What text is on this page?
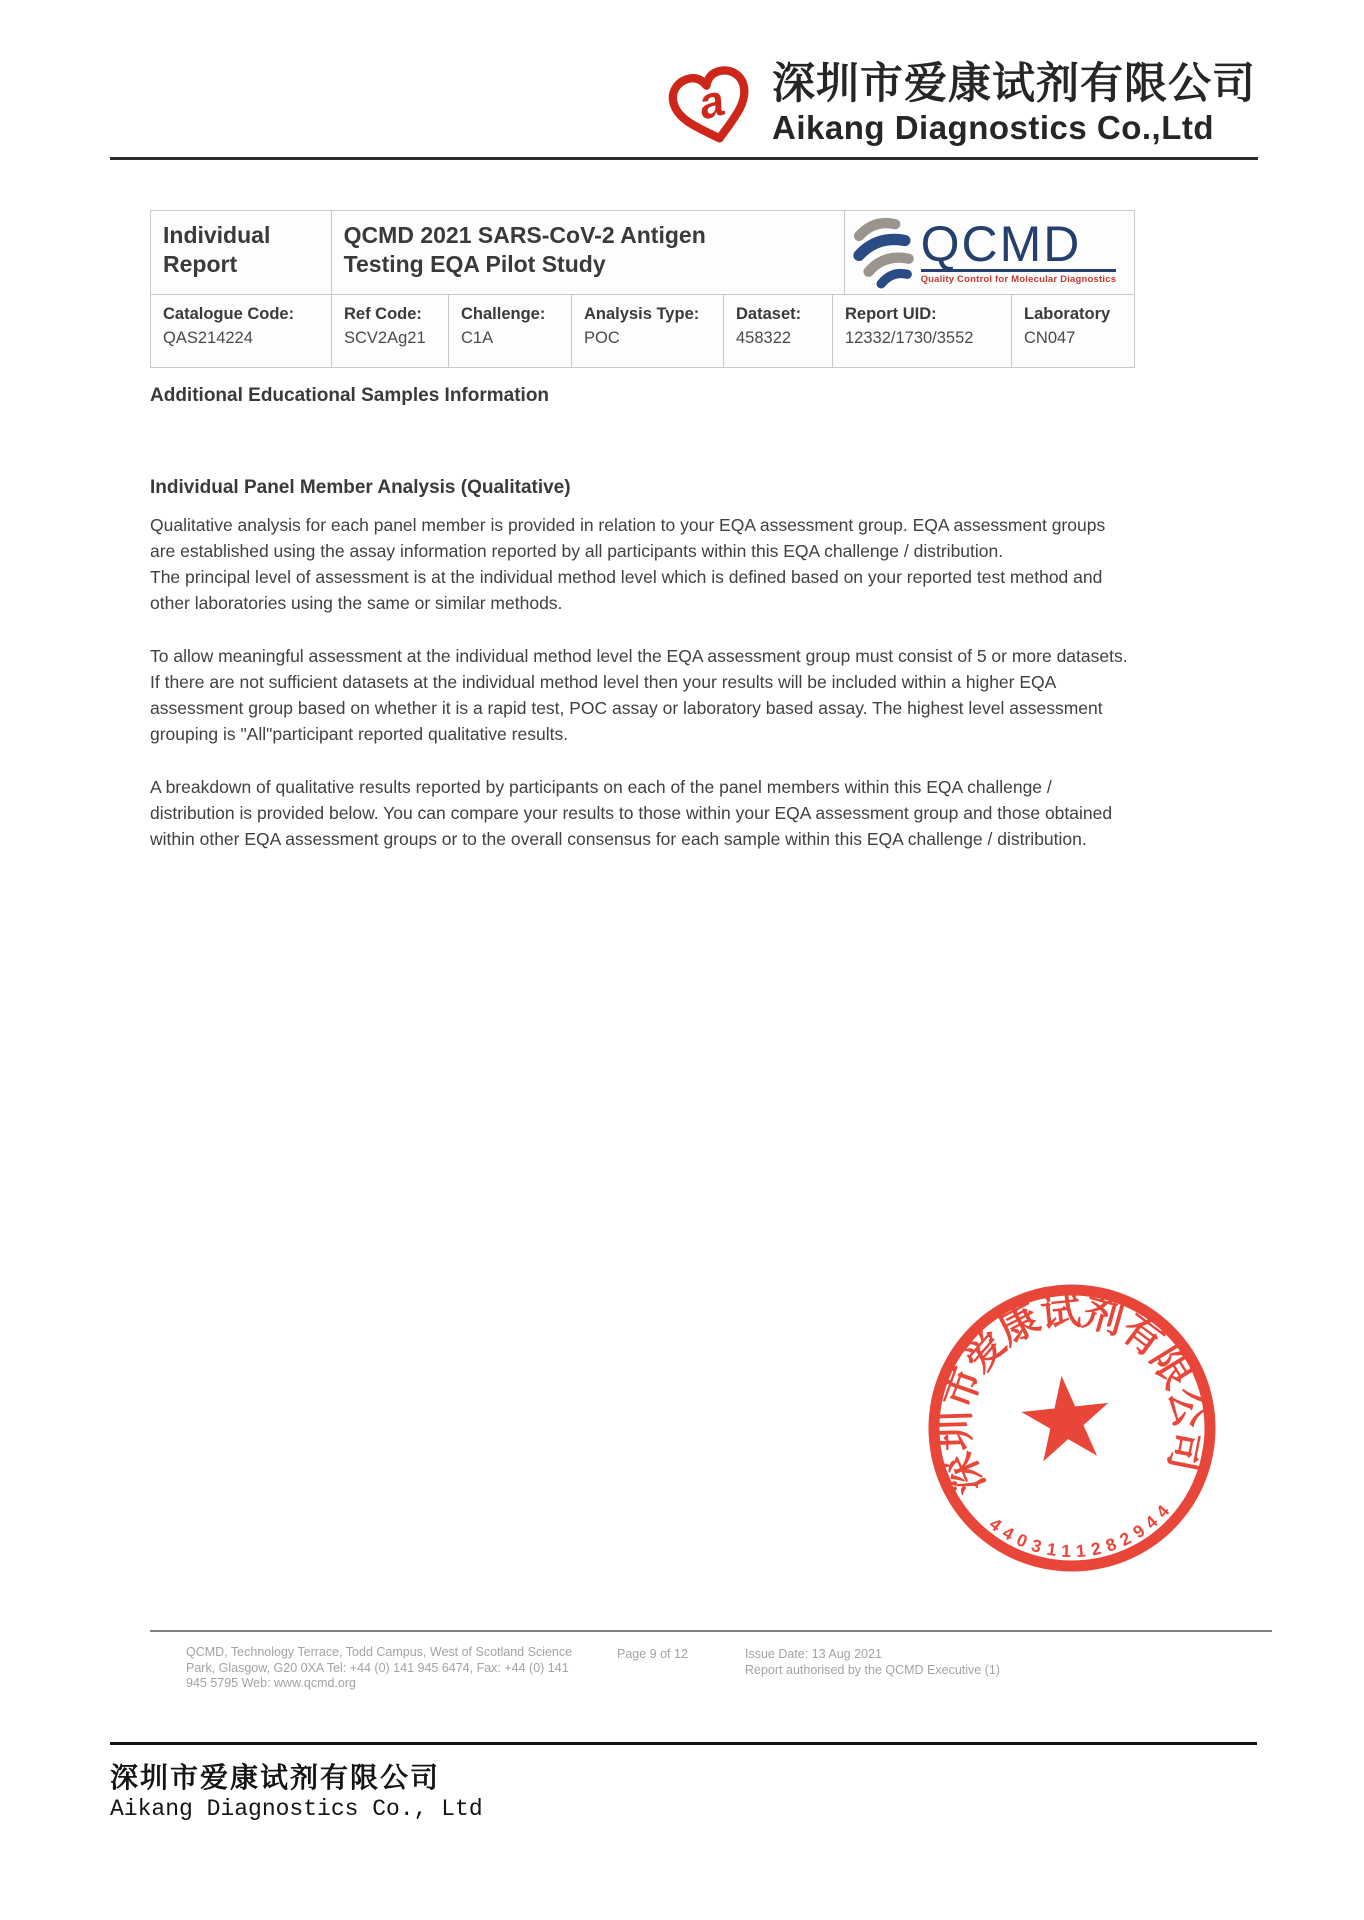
a 深圳市爱康试剂有限公司
Aikang Diagnostics Co.,Ltd
Individual Report
QCMD 2021 SARS-CoV-2 Antigen Testing EQA Pilot Study	QCMD
Quality Control for Molecular Diagnostics
Catalogue Code:
QAS214224
Ref Code:
SCV2Ag21
Challenge:
C1A
Analysis Type:
POC
Dataset:
458322
Report UID:
12332/1730/3552
Laboratory
CN047
Additional Educational Samples Information
Individual Panel Member Analysis (Qualitative)

Qualitative analysis for each panel member is provided in relation to your EQA assessment group. EQA assessment groups are established using the assay information reported by all participants within this EQA challenge / distribution.

The principal level of assessment is at the individual method level which is defined based on your reported test method and other laboratories using the same or similar methods.

To allow meaningful assessment at the individual method level the EQA assessment group must consist of 5 or more datasets. If there are not sufficient datasets at the individual method level then your results will be included within a higher EQA assessment group based on whether it is a rapid test, POC assay or laboratory based assay. The highest level assessment grouping is "All"participant reported qualitative results.

A breakdown of qualitative results reported by participants on each of the panel members within this EQA challenge / distribution is provided below. You can compare your results to those within your EQA assessment group and those obtained within other EQA assessment groups or to the overall consensus for each sample within this EQA challenge / distribution.

深圳市爱康试剂有限公司
4403111282944
QCMD, Technology Terrace, Todd Campus, West of Scotland Science
Park, Glasgow, G20 0XA Tel: +44 (0) 141 945 6474, Fax: +44 (0) 141
945 5795 Web: www.qcmd.org
Page 9 of 12	Issue Date: 13 Aug 2021
Report authorised by the QCMD Executive (1)
深圳市爱康试剂有限公司
Aikang Diagnostics Co., Ltd
